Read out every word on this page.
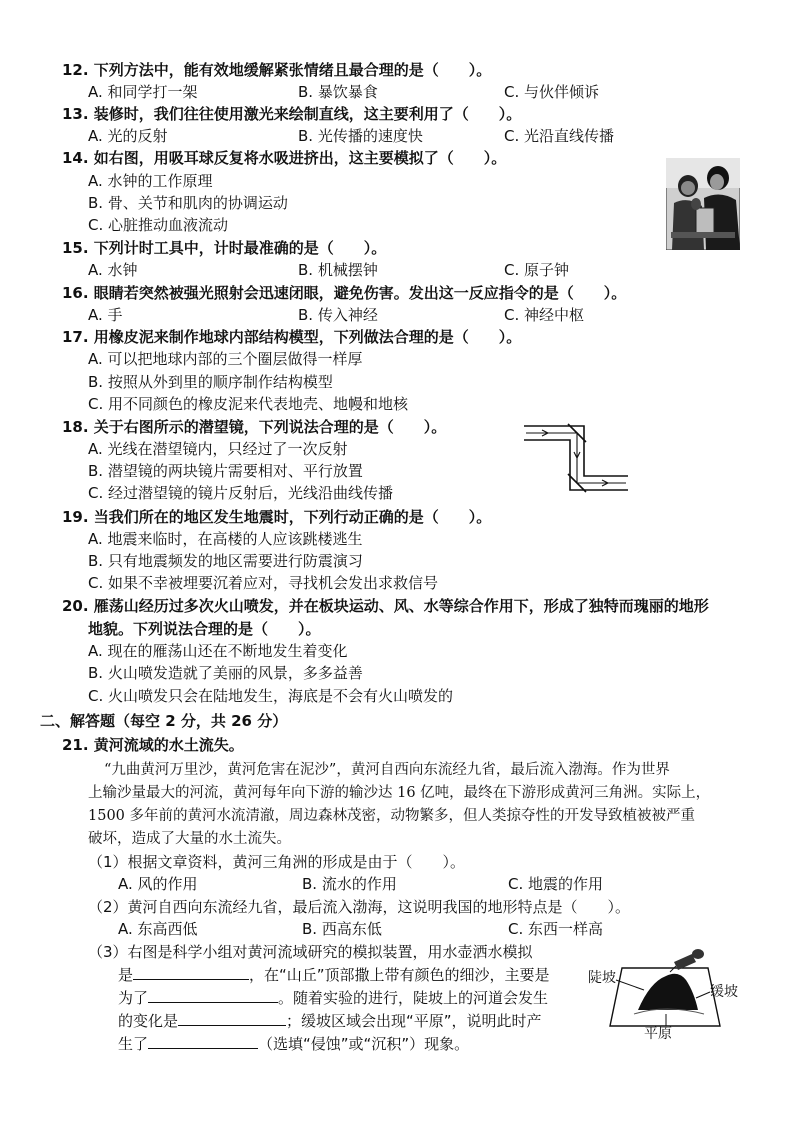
12. 下列方法中，能有效地缓解紧张情绪且最合理的是（　　）。
A. 和同学打一架	B. 暴饮暴食	C. 与伙伴倾诉
13. 装修时，我们往往使用激光来绘制直线，这主要利用了（　　）。
A. 光的反射	B. 光传播的速度快	C. 光沿直线传播
14. 如右图，用吸耳球反复将水吸进挤出，这主要模拟了（　　）。
A. 水钟的工作原理
B. 骨、关节和肌肉的协调运动
C. 心脏推动血液流动
15. 下列计时工具中，计时最准确的是（　　）。
A. 水钟	B. 机械摆钟	C. 原子钟
16. 眼睛若突然被强光照射会迅速闭眼，避免伤害。发出这一反应指令的是（　　）。
A. 手	B. 传入神经	C. 神经中枢
17. 用橡皮泥来制作地球内部结构模型，下列做法合理的是（　　）。
A. 可以把地球内部的三个圈层做得一样厚
B. 按照从外到里的顺序制作结构模型
C. 用不同颜色的橡皮泥来代表地壳、地幔和地核
18. 关于右图所示的潜望镜，下列说法合理的是（　　）。
A. 光线在潜望镜内，只经过了一次反射
B. 潜望镜的两块镜片需要相对、平行放置
C. 经过潜望镜的镜片反射后，光线沿曲线传播
19. 当我们所在的地区发生地震时，下列行动正确的是（　　）。
A. 地震来临时，在高楼的人应该跳楼逃生
B. 只有地震频发的地区需要进行防震演习
C. 如果不幸被埋要沉着应对，寻找机会发出求救信号
20. 雁荡山经历过多次火山喷发，并在板块运动、风、水等综合作用下，形成了独特而瑰丽的地形
地貌。下列说法合理的是（　　）。
A. 现在的雁荡山还在不断地发生着变化
B. 火山喷发造就了美丽的风景，多多益善
C. 火山喷发只会在陆地发生，海底是不会有火山喷发的
二、解答题（每空 2 分，共 26 分）
21. 黄河流域的水土流失。
“九曲黄河万里沙，黄河危害在泥沙”，黄河自西向东流经九省，最后流入渤海。作为世界
上输沙量最大的河流，黄河每年向下游的输沙达 16 亿吨，最终在下游形成黄河三角洲。实际上，
1500 多年前的黄河水流清澈，周边森林茂密，动物繁多，但人类掠夺性的开发导致植被被严重
破坏，造成了大量的水土流失。
（1）根据文章资料，黄河三角洲的形成是由于（　　）。
A. 风的作用	B. 流水的作用	C. 地震的作用
（2）黄河自西向东流经九省，最后流入渤海，这说明我国的地形特点是（　　）。
A. 东高西低	B. 西高东低	C. 东西一样高
（3）右图是科学小组对黄河流域研究的模拟装置，用水壶洒水模拟
是	，在“山丘”顶部撒上带有颜色的细沙，主要是
为了	。随着实验的进行，陡坡上的河道会发生
的变化是	；缓坡区域会出现“平原”，说明此时产
生了	（选填“侵蚀”或“沉积”）现象。
陡坡
缓坡
平原
